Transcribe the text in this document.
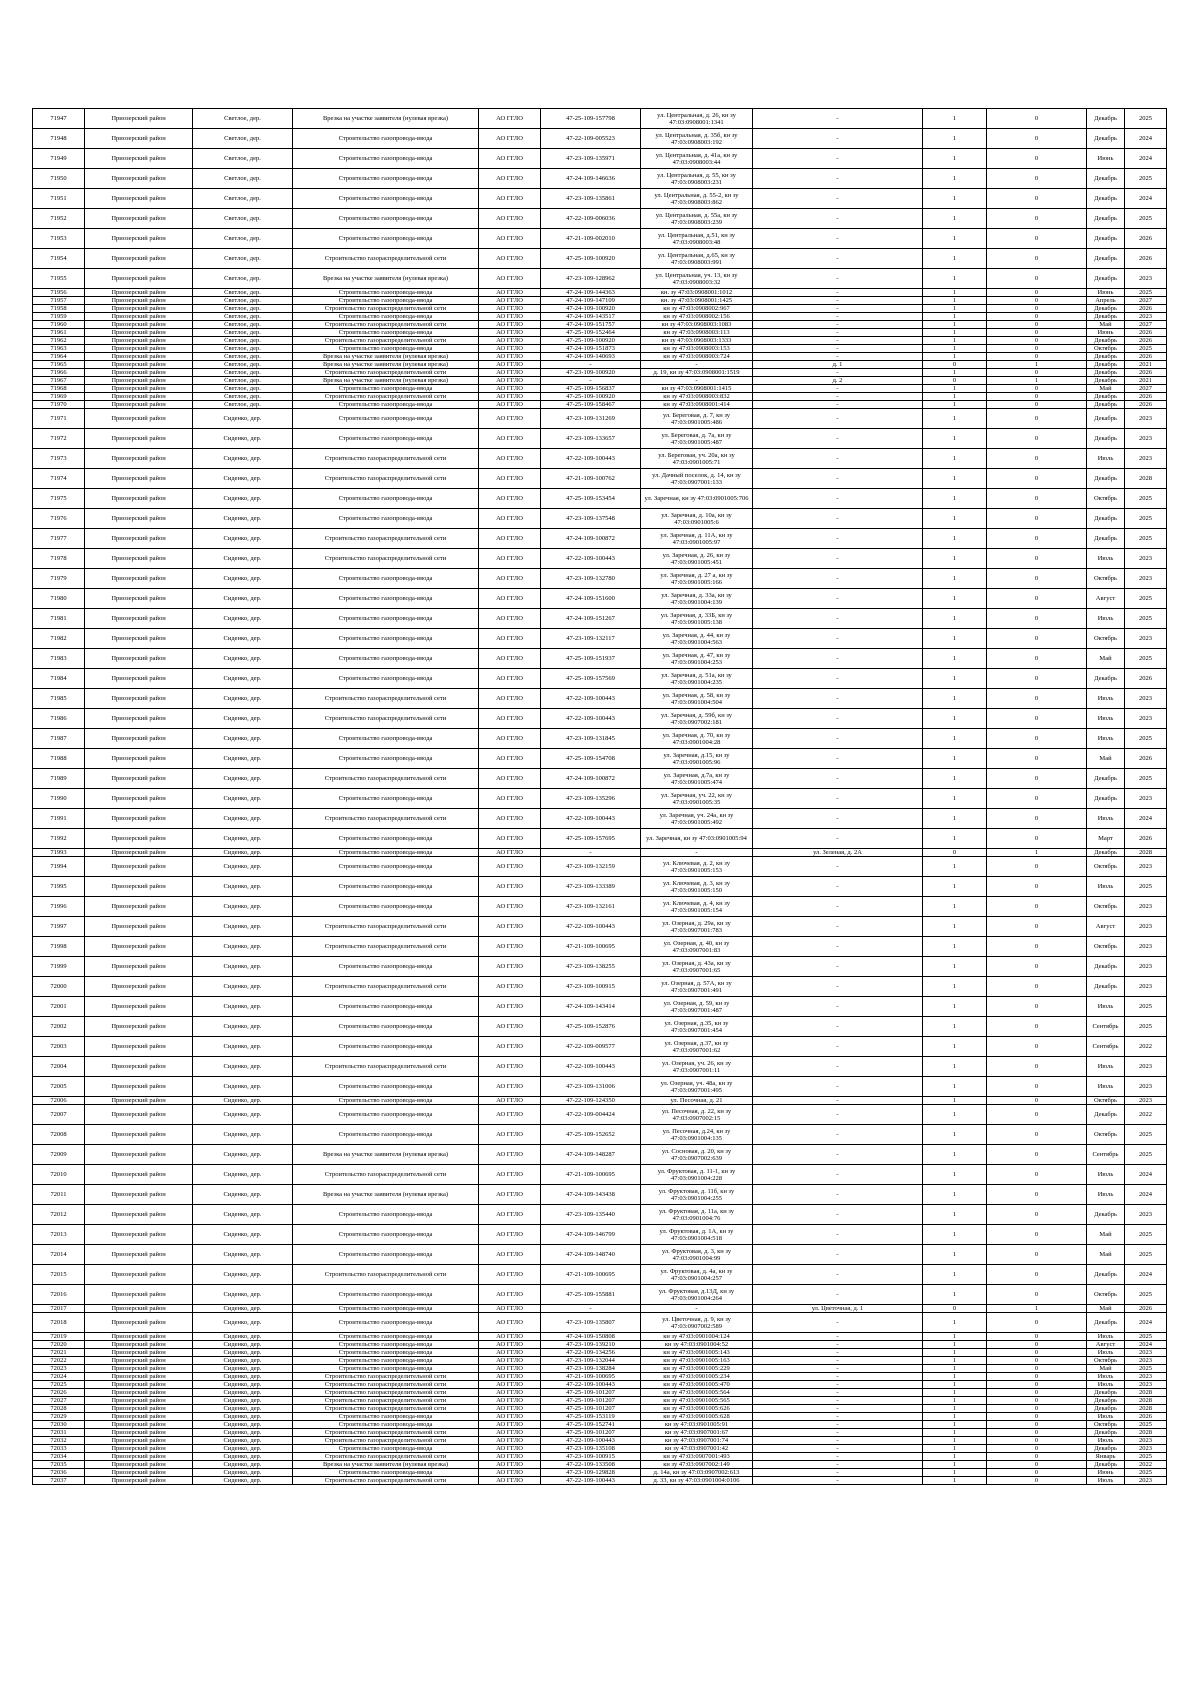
71947	Приозерский район	Светлое, дер.	Врезка на участке заявителя (нулевая врезка)	АО ГГЛО	47-25-109-157798	ул. Центральная, д. 26, кн зу 47:03:0908001:1341	-	1	0	Декабрь	2025
71948	Приозерский район	Светлое, дер.	Строительство газопровода-ввода	АО ГГЛО	47-22-109-005523	ул. Центральная, д. 35б, кн зу 47:03:0908003:192	-	1	0	Декабрь	2024
71949	Приозерский район	Светлое, дер.	Строительство газопровода-ввода	АО ГГЛО	47-23-109-135971	ул. Центральная, д. 41а, кн зу 47:03:0908003:44	-	1	0	Июнь	2024
71950	Приозерский район	Светлое, дер.	Строительство газопровода-ввода	АО ГГЛО	47-24-109-146636	ул. Центральная, д. 55, кн зу 47:03:0908003:231	-	1	0	Декабрь	2025
71951	Приозерский район	Светлое, дер.	Строительство газопровода-ввода	АО ГГЛО	47-23-109-135861	ул. Центральная, д. 55-2, кн зу 47:03:0908003:862	-	1	0	Декабрь	2024
71952	Приозерский район	Светлое, дер.	Строительство газопровода-ввода	АО ГГЛО	47-22-109-006036	ул. Центральная, д. 55а, кн зу 47:03:0908003:239	-	1	0	Декабрь	2025
71953	Приозерский район	Светлое, дер.	Строительство газопровода-ввода	АО ГГЛО	47-21-109-002010	ул. Центральная, д.51, кн зу 47:03:0908003:48	-	1	0	Декабрь	2026
71954	Приозерский район	Светлое, дер.	Строительство газораспределительной сети	АО ГГЛО	47-25-109-100920	ул. Центральная, д.65, кн зу 47:03:0908003:991	-	1	0	Декабрь	2026
71955	Приозерский район	Светлое, дер.	Врезка на участке заявителя (нулевая врезка)	АО ГГЛО	47-23-109-128962	ул. Центральная, уч. 13, кн зу 47:03:0908003:32	-	1	0	Декабрь	2023
71956	Приозерский район	Светлое, дер.	Строительство газопровода-ввода	АО ГГЛО	47-24-109-144363	кн. зу 47:03:0908001:1012	-	1	0	Июнь	2025
71957	Приозерский район	Светлое, дер.	Строительство газопровода-ввода	АО ГГЛО	47-24-109-147109	кн. зу 47:03:0908001:1425	-	1	0	Апрель	2027
71958	Приозерский район	Светлое, дер.	Строительство газораспределительной сети	АО ГГЛО	47-24-109-100920	кн зу 47:03:0908002:967	-	1	0	Декабрь	2026
71959	Приозерский район	Светлое, дер.	Строительство газопровода-ввода	АО ГГЛО	47-24-109-143517	кн зу 47:03:0908002:156	-	1	0	Декабрь	2023
71960	Приозерский район	Светлое, дер.	Строительство газораспределительной сети	АО ГГЛО	47-24-109-151757	кн зу 47:03:0908003:1083	-	1	0	Май	2027
71961	Приозерский район	Светлое, дер.	Строительство газопровода-ввода	АО ГГЛО	47-25-109-152464	кн зу 47:03:0908003:113	-	1	0	Июнь	2026
71962	Приозерский район	Светлое, дер.	Строительство газораспределительной сети	АО ГГЛО	47-25-109-100920	кн зу 47:03:0908003:1333	-	1	0	Декабрь	2026
71963	Приозерский район	Светлое, дер.	Строительство газопровода-ввода	АО ГГЛО	47-24-109-151873	кн зу 47:03:0908003:153	-	1	0	Октябрь	2025
71964	Приозерский район	Светлое, дер.	Врезка на участке заявителя (нулевая врезка)	АО ГГЛО	47-24-109-140693	кн зу 47:03:0908003:724	-	1	0	Декабрь	2026
71965	Приозерский район	Светлое, дер.	Врезка на участке заявителя (нулевая врезка)	АО ГГЛО	-	-	д. 1	0	1	Декабрь	2021
71966	Приозерский район	Светлое, дер.	Строительство газораспределительной сети	АО ГГЛО	47-23-109-100920	д. 19, кн зу 47:03:0908001:1519	-	1	0	Декабрь	2026
71967	Приозерский район	Светлое, дер.	Врезка на участке заявителя (нулевая врезка)	АО ГГЛО	-	-	д. 2	0	1	Декабрь	2021
71968	Приозерский район	Светлое, дер.	Строительство газопровода-ввода	АО ГГЛО	47-25-109-156837	кн зу 47:03:0908001:1415	-	1	0	Май	2027
71969	Приозерский район	Светлое, дер.	Строительство газораспределительной сети	АО ГГЛО	47-25-109-100920	кн зу 47:03:0908003:832	-	1	0	Декабрь	2026
71970	Приозерский район	Светлое, дер.	Строительство газопровода-ввода	АО ГГЛО	47-25-109-158467	кн зу 47:03:0908001:414	-	1	0	Декабрь	2026
71971	Приозерский район	Сиденко, дер.	Строительство газопровода-ввода	АО ГГЛО	47-23-109-131269	ул. Береговая, д. 7, кн зу 47:03:0901005:486	-	1	0	Декабрь	2023
71972	Приозерский район	Сиденко, дер.	Строительство газопровода-ввода	АО ГГЛО	47-23-109-133657	ул. Береговая, д. 7а, кн зу 47:03:0901005:487	-	1	0	Декабрь	2023
71973	Приозерский район	Сиденко, дер.	Строительство газораспределительной сети	АО ГГЛО	47-22-109-100443	ул. Береговая, уч. 20а, кн зу 47:03:0901005:71	-	1	0	Июль	2023
71974	Приозерский район	Сиденко, дер.	Строительство газораспределительной сети	АО ГГЛО	47-21-109-100762	ул. Дачный поселок, д. 14, кн зу 47:03:0907001:133	-	1	0	Декабрь	2028
71975	Приозерский район	Сиденко, дер.	Строительство газопровода-ввода	АО ГГЛО	47-25-109-153454	ул. Заречная, кн зу 47:03:0901005:706	-	1	0	Октябрь	2025
71976	Приозерский район	Сиденко, дер.	Строительство газопровода-ввода	АО ГГЛО	47-23-109-137548	ул. Заречная, д. 10а, кн зу 47:03:0901005:6	-	1	0	Декабрь	2025
71977	Приозерский район	Сиденко, дер.	Строительство газораспределительной сети	АО ГГЛО	47-24-109-100872	ул. Заречная, д. 11А, кн зу 47:03:0901005:97	-	1	0	Декабрь	2025
71978	Приозерский район	Сиденко, дер.	Строительство газораспределительной сети	АО ГГЛО	47-22-109-100443	ул. Заречная, д. 26, кн зу 47:03:0901005:451	-	1	0	Июль	2023
71979	Приозерский район	Сиденко, дер.	Строительство газопровода-ввода	АО ГГЛО	47-23-109-132780	ул. Заречная, д. 27 а, кн зу 47:03:0901005:166	-	1	0	Октябрь	2023
71980	Приозерский район	Сиденко, дер.	Строительство газопровода-ввода	АО ГГЛО	47-24-109-151600	ул. Заречная, д. 33а, кн зу 47:03:0901004:139	-	1	0	Август	2025
71981	Приозерский район	Сиденко, дер.	Строительство газопровода-ввода	АО ГГЛО	47-24-109-151267	ул. Заречная, д. 33Б, кн зу 47:03:0901005:138	-	1	0	Июль	2025
71982	Приозерский район	Сиденко, дер.	Строительство газопровода-ввода	АО ГГЛО	47-23-109-132117	ул. Заречная, д. 44, кн зу 47:03:0901004:563	-	1	0	Октябрь	2023
71983	Приозерский район	Сиденко, дер.	Строительство газопровода-ввода	АО ГГЛО	47-25-109-151937	ул. Заречная, д. 47, кн зу 47:03:0901004:253	-	1	0	Май	2025
71984	Приозерский район	Сиденко, дер.	Строительство газопровода-ввода	АО ГГЛО	47-25-109-157569	ул. Заречная, д. 51а, кн зу 47:03:0901004:235	-	1	0	Декабрь	2026
71985	Приозерский район	Сиденко, дер.	Строительство газораспределительной сети	АО ГГЛО	47-22-109-100443	ул. Заречная, д. 58, кн зу 47:03:0901004:504	-	1	0	Июль	2023
71986	Приозерский район	Сиденко, дер.	Строительство газораспределительной сети	АО ГГЛО	47-22-109-100443	ул. Заречная, д. 59б, кн зу 47:03:0907002:181	-	1	0	Июль	2023
71987	Приозерский район	Сиденко, дер.	Строительство газопровода-ввода	АО ГГЛО	47-23-109-131845	ул. Заречная, д. 70, кн зу 47:03:0901004:28	-	1	0	Июль	2025
71988	Приозерский район	Сиденко, дер.	Строительство газопровода-ввода	АО ГГЛО	47-25-109-154708	ул. Заречная, д.15, кн зу 47:03:0901005:96	-	1	0	Май	2026
71989	Приозерский район	Сиденко, дер.	Строительство газораспределительной сети	АО ГГЛО	47-24-109-100872	ул. Заречная, д.7а, кн зу 47:03:0901005:474	-	1	0	Декабрь	2025
71990	Приозерский район	Сиденко, дер.	Строительство газопровода-ввода	АО ГГЛО	47-23-109-135296	ул. Заречная, уч. 22, кн зу 47:03:0901005:35	-	1	0	Декабрь	2023
71991	Приозерский район	Сиденко, дер.	Строительство газораспределительной сети	АО ГГЛО	47-22-109-100443	ул. Заречная, уч. 24а, кн зу 47:03:0901005:492	-	1	0	Июль	2024
71992	Приозерский район	Сиденко, дер.	Строительство газопровода-ввода	АО ГГЛО	47-25-109-157695	ул. Заречная, кн зу 47:03:0901005:94	-	1	0	Март	2026
71993	Приозерский район	Сиденко, дер.	Строительство газопровода-ввода	АО ГГЛО	-	-	ул. Зеленая, д. 2А	0	1	Декабрь	2028
71994	Приозерский район	Сиденко, дер.	Строительство газопровода-ввода	АО ГГЛО	47-23-109-132159	ул. Ключевая, д. 2, кн зу 47:03:0901005:153	-	1	0	Октябрь	2023
71995	Приозерский район	Сиденко, дер.	Строительство газопровода-ввода	АО ГГЛО	47-23-109-133389	ул. Ключевая, д. 3, кн зу 47:03:0901005:150	-	1	0	Июль	2025
71996	Приозерский район	Сиденко, дер.	Строительство газопровода-ввода	АО ГГЛО	47-23-109-132161	ул. Ключевая, д. 4, кн зу 47:03:0901005:154	-	1	0	Октябрь	2023
71997	Приозерский район	Сиденко, дер.	Строительство газораспределительной сети	АО ГГЛО	47-22-109-100443	ул. Озерная, д. 29а, кн зу 47:03:0907001:783	-	1	0	Август	2023
71998	Приозерский район	Сиденко, дер.	Строительство газораспределительной сети	АО ГГЛО	47-21-109-100695	ул. Озерная, д. 40, кн зу 47:03:0907001:83	-	1	0	Октябрь	2023
71999	Приозерский район	Сиденко, дер.	Строительство газопровода-ввода	АО ГГЛО	47-23-109-138255	ул. Озерная, д. 43а, кн зу 47:03:0907001:65	-	1	0	Декабрь	2023
72000	Приозерский район	Сиденко, дер.	Строительство газораспределительной сети	АО ГГЛО	47-23-109-100915	ул. Озерная, д. 57А, кн зу 47:03:0907001:491	-	1	0	Декабрь	2023
72001	Приозерский район	Сиденко, дер.	Строительство газопровода-ввода	АО ГГЛО	47-24-109-143414	ул. Озерная, д. 59, кн зу 47:03:0907001:487	-	1	0	Июль	2025
72002	Приозерский район	Сиденко, дер.	Строительство газопровода-ввода	АО ГГЛО	47-25-109-152876	ул. Озерная, д.35, кн зу 47:03:0907001:454	-	1	0	Сентябрь	2025
72003	Приозерский район	Сиденко, дер.	Строительство газопровода-ввода	АО ГГЛО	47-22-109-009577	ул. Озерная, д.37, кн зу 47:03:0907001:62	-	1	0	Сентябрь	2022
72004	Приозерский район	Сиденко, дер.	Строительство газораспределительной сети	АО ГГЛО	47-22-109-100443	ул. Озерная, уч. 26, кн зу 47:03:0907001:11	-	1	0	Июль	2023
72005	Приозерский район	Сиденко, дер.	Строительство газопровода-ввода	АО ГГЛО	47-23-109-131006	ул. Озерная, уч. 48а, кн зу 47:03:0907001:495	-	1	0	Июль	2023
72006	Приозерский район	Сиденко, дер.	Строительство газопровода-ввода	АО ГГЛО	47-22-109-124350	ул. Песочная, д. 21	-	1	0	Октябрь	2023
72007	Приозерский район	Сиденко, дер.	Строительство газопровода-ввода	АО ГГЛО	47-22-109-004424	ул. Песочная, д. 22, кн зу 47:03:0907002:15	-	1	0	Декабрь	2022
72008	Приозерский район	Сиденко, дер.	Строительство газопровода-ввода	АО ГГЛО	47-25-109-152652	ул. Песочная, д.24, кн зу 47:03:0901004:135	-	1	0	Октябрь	2025
72009	Приозерский район	Сиденко, дер.	Врезка на участке заявителя (нулевая врезка)	АО ГГЛО	47-24-109-148287	ул. Сосновая, д. 20, кн зу 47:03:0907002:639	-	1	0	Сентябрь	2025
72010	Приозерский район	Сиденко, дер.	Строительство газораспределительной сети	АО ГГЛО	47-21-109-100695	ул. Фруктовая, д. 11-1, кн зу 47:03:0901004:228	-	1	0	Июль	2024
72011	Приозерский район	Сиденко, дер.	Врезка на участке заявителя (нулевая врезка)	АО ГГЛО	47-24-109-143438	ул. Фруктовая, д. 11б, кн зу 47:03:0901004:255	-	1	0	Июль	2024
72012	Приозерский район	Сиденко, дер.	Строительство газопровода-ввода	АО ГГЛО	47-23-109-135440	ул. Фруктовая, д. 11а, кн зу 47:03:0901004:76	-	1	0	Декабрь	2023
72013	Приозерский район	Сиденко, дер.	Строительство газопровода-ввода	АО ГГЛО	47-24-109-146799	ул. Фруктовая, д. 1А, кн зу 47:03:0901004:518	-	1	0	Май	2025
72014	Приозерский район	Сиденко, дер.	Строительство газопровода-ввода	АО ГГЛО	47-24-109-148740	ул. Фруктовая, д. 3, кн зу 47:03:0901004:99	-	1	0	Май	2025
72015	Приозерский район	Сиденко, дер.	Строительство газораспределительной сети	АО ГГЛО	47-21-109-100695	ул. Фруктовая, д. 4а, кн зу 47:03:0901004:257	-	1	0	Декабрь	2024
72016	Приозерский район	Сиденко, дер.	Строительство газопровода-ввода	АО ГГЛО	47-25-109-155881	ул. Фруктовая, д.13Д, кн зу 47:03:0901004:264	-	1	0	Октябрь	2025
72017	Приозерский район	Сиденко, дер.	Строительство газопровода-ввода	АО ГГЛО	-	-	ул. Цветочная, д. 1	0	1	Май	2026
72018	Приозерский район	Сиденко, дер.	Строительство газопровода-ввода	АО ГГЛО	47-23-109-135807	ул. Цветочная, д. 9, кн зу 47:03:0907002:589	-	1	0	Декабрь	2024
72019	Приозерский район	Сиденко, дер.	Строительство газопровода-ввода	АО ГГЛО	47-24-109-150808	кн зу 47:03:0901004:124	-	1	0	Июль	2025
72020	Приозерский район	Сиденко, дер.	Строительство газопровода-ввода	АО ГГЛО	47-23-109-139210	кн зу 47:03:0901004:52	-	1	0	Август	2024
72021	Приозерский район	Сиденко, дер.	Строительство газопровода-ввода	АО ГГЛО	47-22-109-134256	кн зу 47:03:0901005:143	-	1	0	Июль	2023
72022	Приозерский район	Сиденко, дер.	Строительство газопровода-ввода	АО ГГЛО	47-23-109-132044	кн зу 47:03:0901005:163	-	1	0	Октябрь	2023
72023	Приозерский район	Сиденко, дер.	Строительство газопровода-ввода	АО ГГЛО	47-23-109-138284	кн зу 47:03:0901005:229	-	1	0	Май	2025
72024	Приозерский район	Сиденко, дер.	Строительство газораспределительной сети	АО ГГЛО	47-21-109-100695	кн зу 47:03:0901005:234	-	1	0	Июль	2023
72025	Приозерский район	Сиденко, дер.	Строительство газораспределительной сети	АО ГГЛО	47-22-109-100443	кн зу 47:03:0901005:470	-	1	0	Июль	2023
72026	Приозерский район	Сиденко, дер.	Строительство газораспределительной сети	АО ГГЛО	47-25-109-101207	кн зу 47:03:0901005:564	-	1	0	Декабрь	2028
72027	Приозерский район	Сиденко, дер.	Строительство газораспределительной сети	АО ГГЛО	47-25-109-101207	кн зу 47:03:0901005:565	-	1	0	Декабрь	2028
72028	Приозерский район	Сиденко, дер.	Строительство газораспределительной сети	АО ГГЛО	47-25-109-101207	кн зу 47:03:0901005:626	-	1	0	Декабрь	2028
72029	Приозерский район	Сиденко, дер.	Строительство газопровода-ввода	АО ГГЛО	47-25-109-153119	кн зу 47:03:0901005:628	-	1	0	Июль	2026
72030	Приозерский район	Сиденко, дер.	Строительство газопровода-ввода	АО ГГЛО	47-25-109-152741	кн зу 47:03:0901005:91	-	1	0	Октябрь	2025
72031	Приозерский район	Сиденко, дер.	Строительство газораспределительной сети	АО ГГЛО	47-25-109-101207	кн зу 47:03:0907001:67	-	1	0	Декабрь	2028
72032	Приозерский район	Сиденко, дер.	Строительство газораспределительной сети	АО ГГЛО	47-22-109-100443	кн зу 47:03:0907001:74	-	1	0	Июль	2023
72033	Приозерский район	Сиденко, дер.	Строительство газопровода-ввода	АО ГГЛО	47-23-109-135108	кн зу 47:03:0907001:42	-	1	0	Декабрь	2023
72034	Приозерский район	Сиденко, дер.	Строительство газораспределительной сети	АО ГГЛО	47-23-109-100915	кн зу 47:03:0907001:493	-	1	0	Январь	2025
72035	Приозерский район	Сиденко, дер.	Врезка на участке заявителя (нулевая врезка)	АО ГГЛО	47-22-109-133508	кн зу 47:03:0907002:149	-	1	0	Декабрь	2022
72036	Приозерский район	Сиденко, дер.	Строительство газопровода-ввода	АО ГГЛО	47-23-109-129828	д. 14а, кн зу 47:03:0907002:613	-	1	0	Июнь	2025
72037	Приозерский район	Сиденко, дер.	Строительство газораспределительной сети	АО ГГЛО	47-22-109-100443	д. 33, кн зу 47:03:0901004:0106	-	1	0	Июль	2023
